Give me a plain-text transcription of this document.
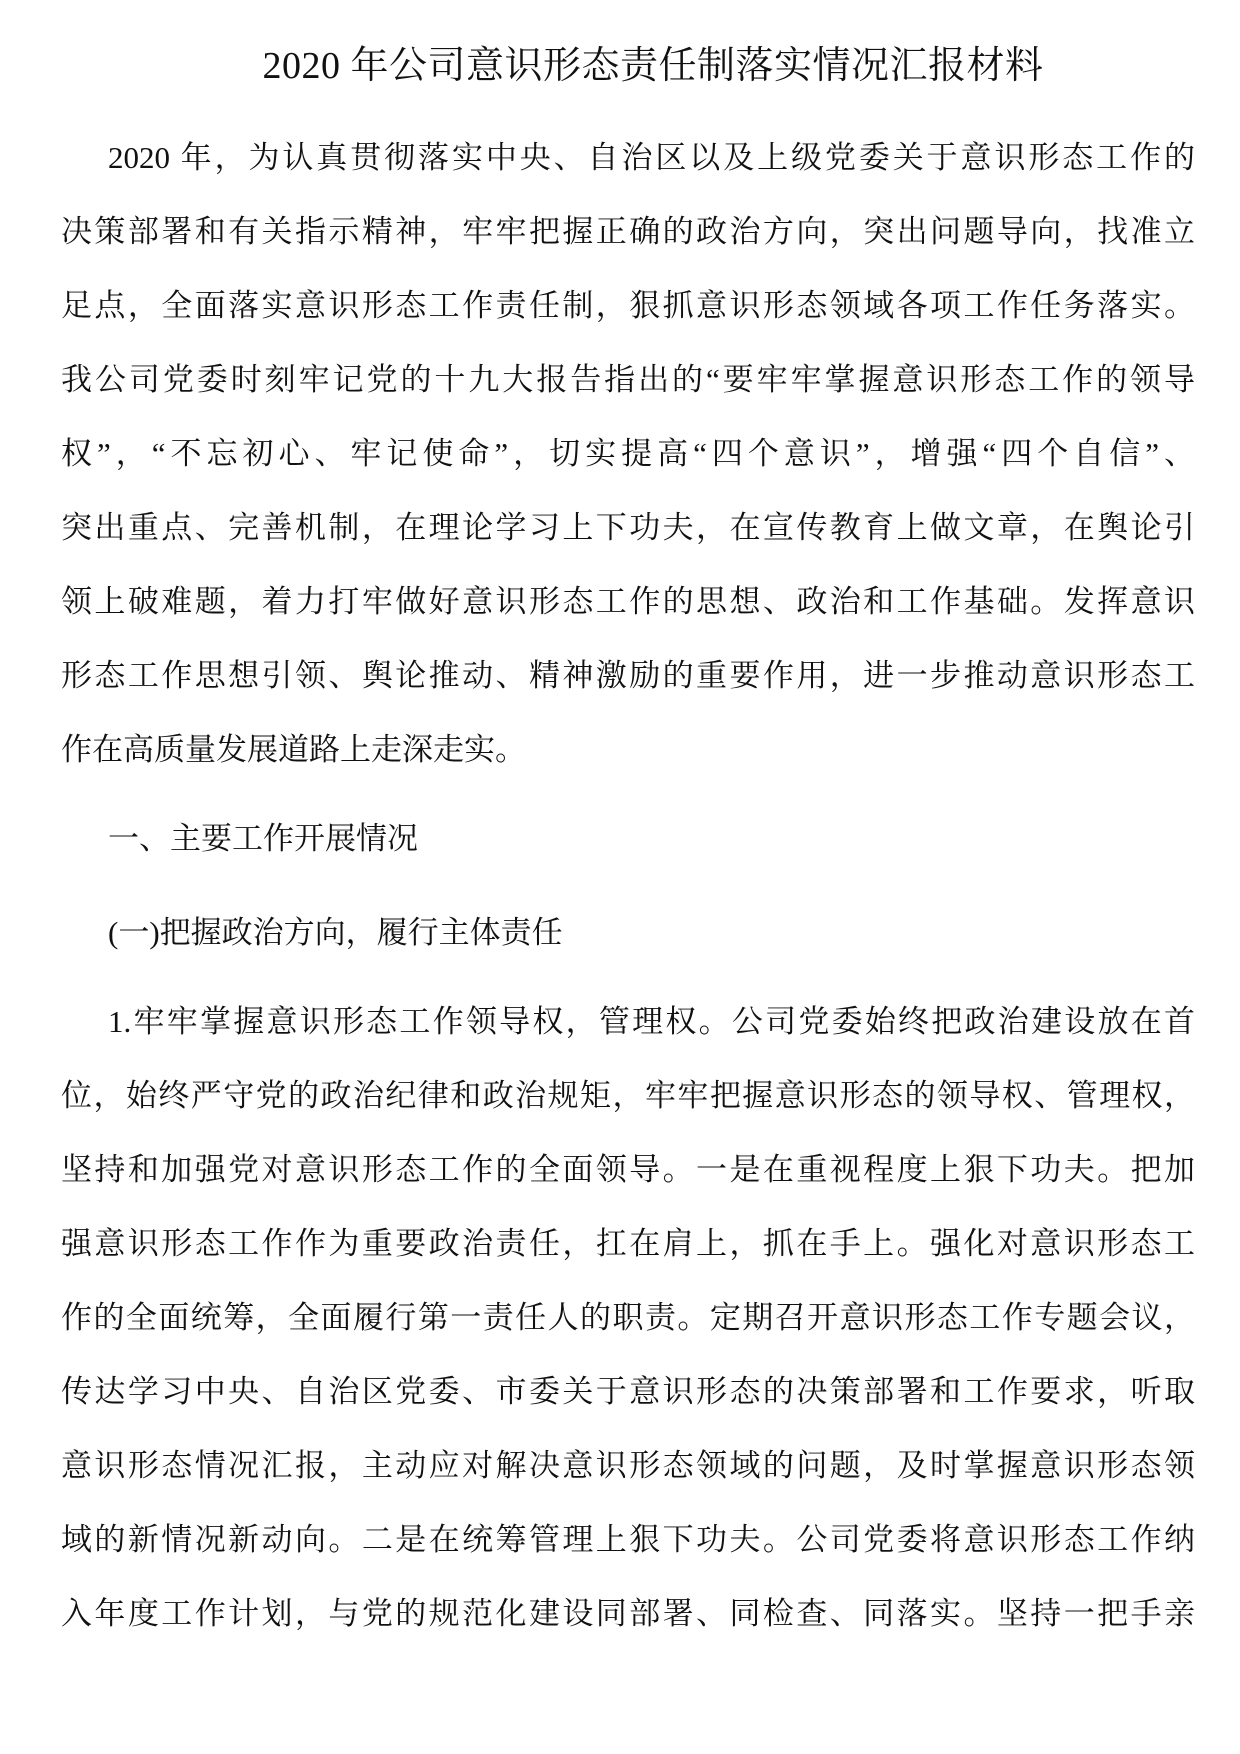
2020 年公司意识形态责任制落实情况汇报材料
2020 年，为认真贯彻落实中央、自治区以及上级党委关于意识形态工作的
决策部署和有关指示精神，牢牢把握正确的政治方向，突出问题导向，找准立
足点，全面落实意识形态工作责任制，狠抓意识形态领域各项工作任务落实。
我公司党委时刻牢记党的十九大报告指出的“要牢牢掌握意识形态工作的领导
权”，“不忘初心、牢记使命”，切实提高“四个意识”，增强“四个自信”、
突出重点、完善机制，在理论学习上下功夫，在宣传教育上做文章，在舆论引
领上破难题，着力打牢做好意识形态工作的思想、政治和工作基础。发挥意识
形态工作思想引领、舆论推动、精神激励的重要作用，进一步推动意识形态工
作在高质量发展道路上走深走实。
一、主要工作开展情况
(一)把握政治方向，履行主体责任
1.牢牢掌握意识形态工作领导权，管理权。公司党委始终把政治建设放在首
位，始终严守党的政治纪律和政治规矩，牢牢把握意识形态的领导权、管理权，
坚持和加强党对意识形态工作的全面领导。一是在重视程度上狠下功夫。把加
强意识形态工作作为重要政治责任，扛在肩上，抓在手上。强化对意识形态工
作的全面统筹，全面履行第一责任人的职责。定期召开意识形态工作专题会议，
传达学习中央、自治区党委、市委关于意识形态的决策部署和工作要求，听取
意识形态情况汇报，主动应对解决意识形态领域的问题，及时掌握意识形态领
域的新情况新动向。二是在统筹管理上狠下功夫。公司党委将意识形态工作纳
入年度工作计划，与党的规范化建设同部署、同检查、同落实。坚持一把手亲
